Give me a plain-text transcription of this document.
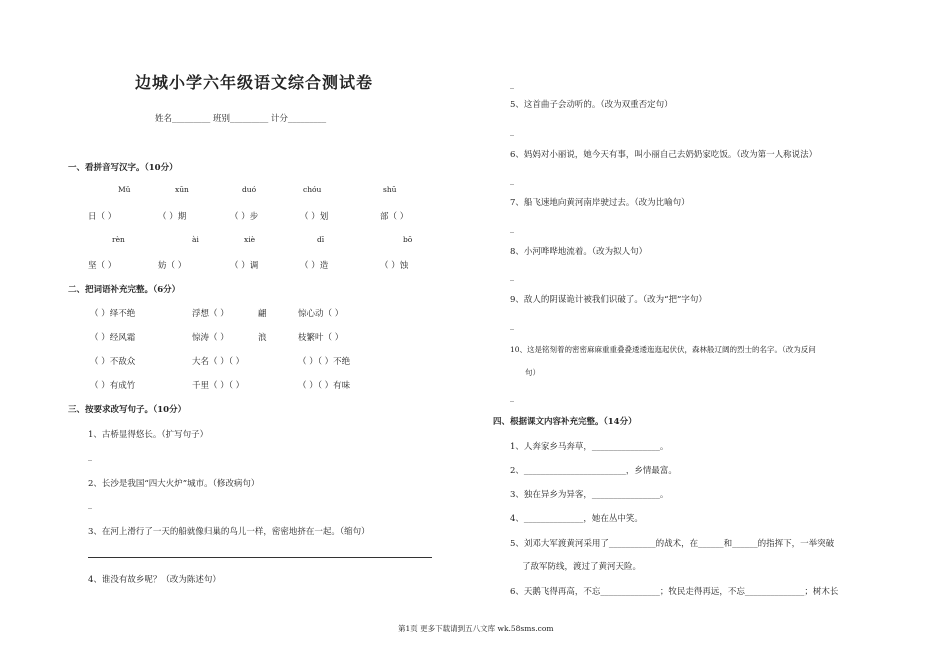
边城小学六年级语文综合测试卷
姓名_________ 班别_________ 计分_________
一、看拼音写汉字。（10分）
Mǔ	xūn	duó	chóu	shū
日（ ）	（ ）期	（ ）步	（ ）划	部（ ）
rèn	ài	xiè	dī	bō
坚（ ）	妨（ ）	（ ）调	（ ）造	（ ）蚀
二、把词语补充完整。（6分）
（ ）绎不绝	浮想（ ）	翩	惊心动（ ）
（ ）经风霜	惊涛（ ）	浪	枝繁叶（ ）
（ ）不敌众	大名（ ）（ ）	（ ）（ ）不绝
（ ）有成竹	千里（ ）（ ）	（ ）（ ）有味
三、按要求改写句子。（10分）
1、古桥显得悠长。（扩写句子）
_
2、长沙是我国“四大火炉”城市。（修改病句）
_
3、在河上滑行了一天的船就像归巢的鸟儿一样，密密地挤在一起。（缩句）
4、谁没有故乡呢？（改为陈述句）
_
5、这首曲子会动听的。（改为双重否定句）
_
6、妈妈对小丽说，她今天有事，叫小丽自己去奶奶家吃饭。（改为第一人称说法）
_
7、船飞速地向黄河南岸驶过去。（改为比喻句）
_
8、小河哗哗地流着。（改为拟人句）
_
9、敌人的阴谋诡计被我们识破了。（改为“把”字句）
_
10、这是铭刻着的密密麻麻重重叠叠逶逶迤迤起伏伏，森林般辽阔的烈士的名字。（改为反问
句）
_
四、根据课文内容补充完整。（14分）
1、人奔家乡马奔草，________________。
2、________________________，乡情最富。
3、独在异乡为异客，________________。
4、______________，她在丛中笑。
5、刘邓大军渡黄河采用了___________的战术，在______和______的指挥下，一举突破
了敌军防线，渡过了黄河天险。
6、天鹅飞得再高，不忘______________；牧民走得再远，不忘______________；树木长
第1页 更多下载请到五八文库 wk.58sms.com
